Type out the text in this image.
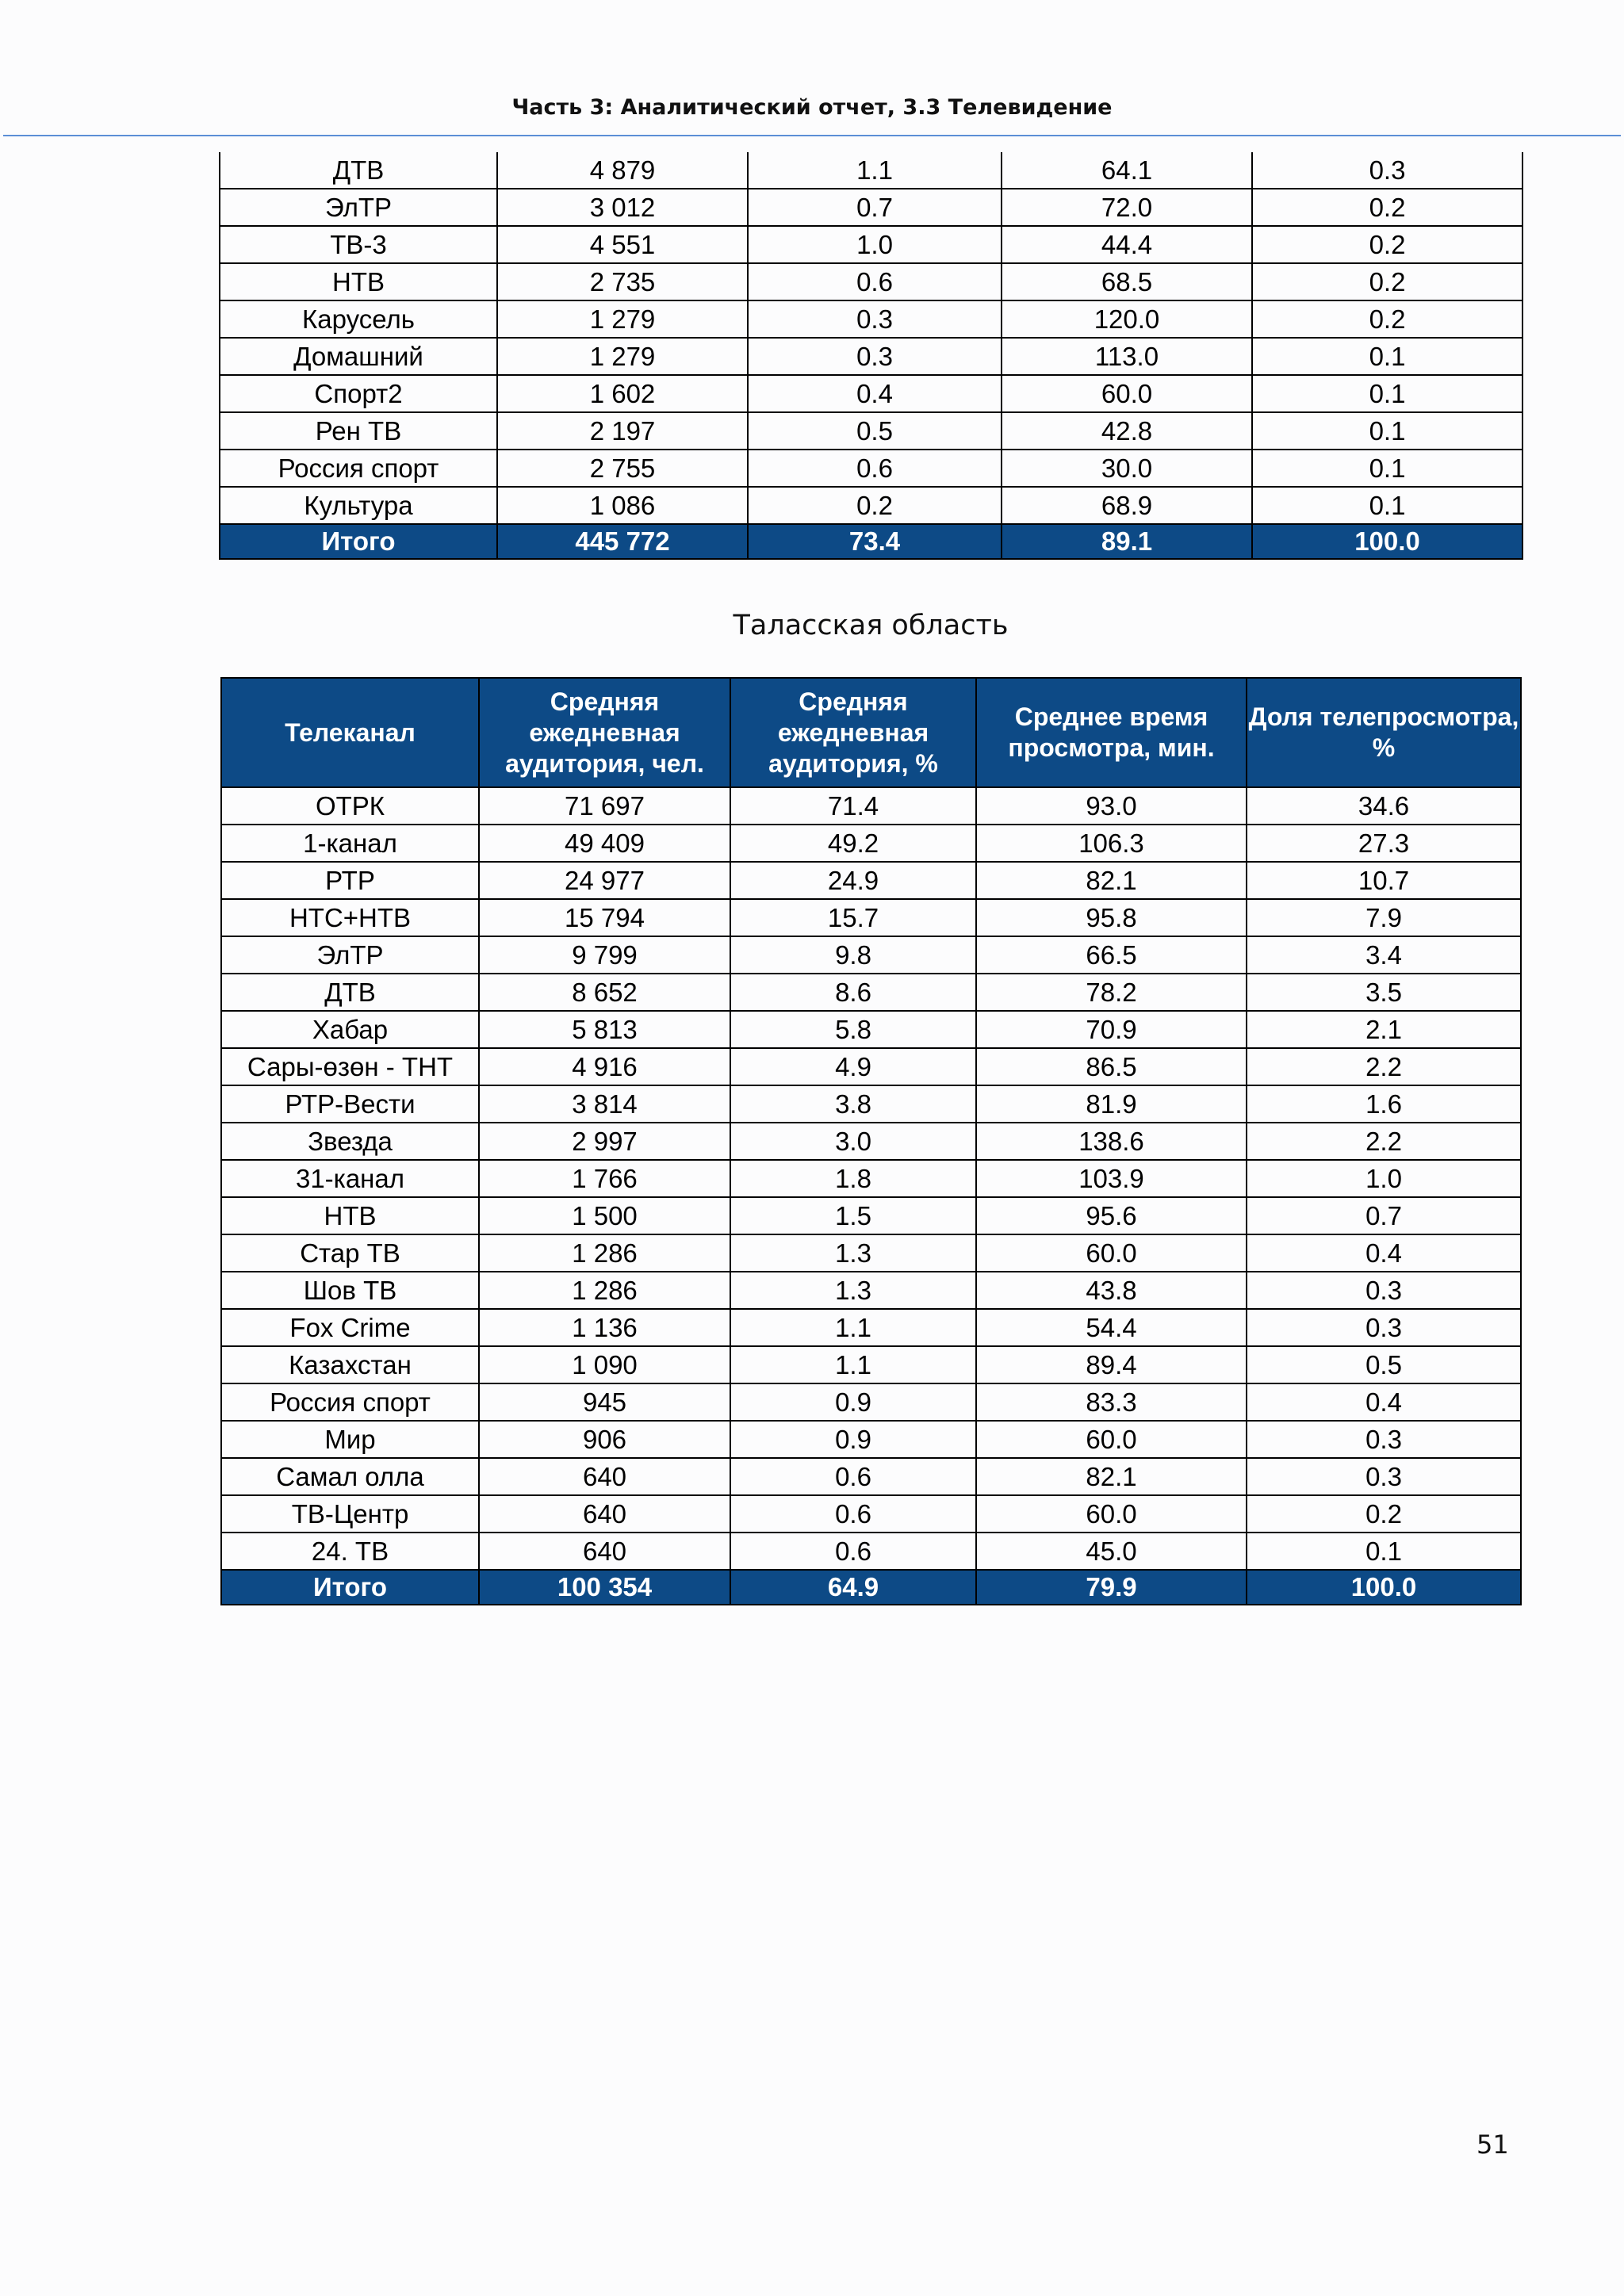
Часть 3: Аналитический отчет, 3.3 Телевидение
ДТВ	4 879	1.1	64.1	0.3
ЭлТР	3 012	0.7	72.0	0.2
ТВ-3	4 551	1.0	44.4	0.2
НТВ	2 735	0.6	68.5	0.2
Карусель	1 279	0.3	120.0	0.2
Домашний	1 279	0.3	113.0	0.1
Спорт2	1 602	0.4	60.0	0.1
Рен ТВ	2 197	0.5	42.8	0.1
Россия спорт	2 755	0.6	30.0	0.1
Культура	1 086	0.2	68.9	0.1
Итого	445 772	73.4	89.1	100.0
Таласская область
Телеканал	Средняя ежедневная аудитория, чел.	Средняя ежедневная аудитория, %	Среднее время просмотра, мин.	Доля телепросмотра, %
ОТРК	71 697	71.4	93.0	34.6
1-канал	49 409	49.2	106.3	27.3
РТР	24 977	24.9	82.1	10.7
НТС+НТВ	15 794	15.7	95.8	7.9
ЭлТР	9 799	9.8	66.5	3.4
ДТВ	8 652	8.6	78.2	3.5
Хабар	5 813	5.8	70.9	2.1
Сары-өзөн - ТНТ	4 916	4.9	86.5	2.2
РТР-Вести	3 814	3.8	81.9	1.6
Звезда	2 997	3.0	138.6	2.2
31-канал	1 766	1.8	103.9	1.0
НТВ	1 500	1.5	95.6	0.7
Стар ТВ	1 286	1.3	60.0	0.4
Шов ТВ	1 286	1.3	43.8	0.3
Fox Crime	1 136	1.1	54.4	0.3
Казахстан	1 090	1.1	89.4	0.5
Россия спорт	945	0.9	83.3	0.4
Мир	906	0.9	60.0	0.3
Самал олла	640	0.6	82.1	0.3
ТВ-Центр	640	0.6	60.0	0.2
24. ТВ	640	0.6	45.0	0.1
Итого	100 354	64.9	79.9	100.0
51
